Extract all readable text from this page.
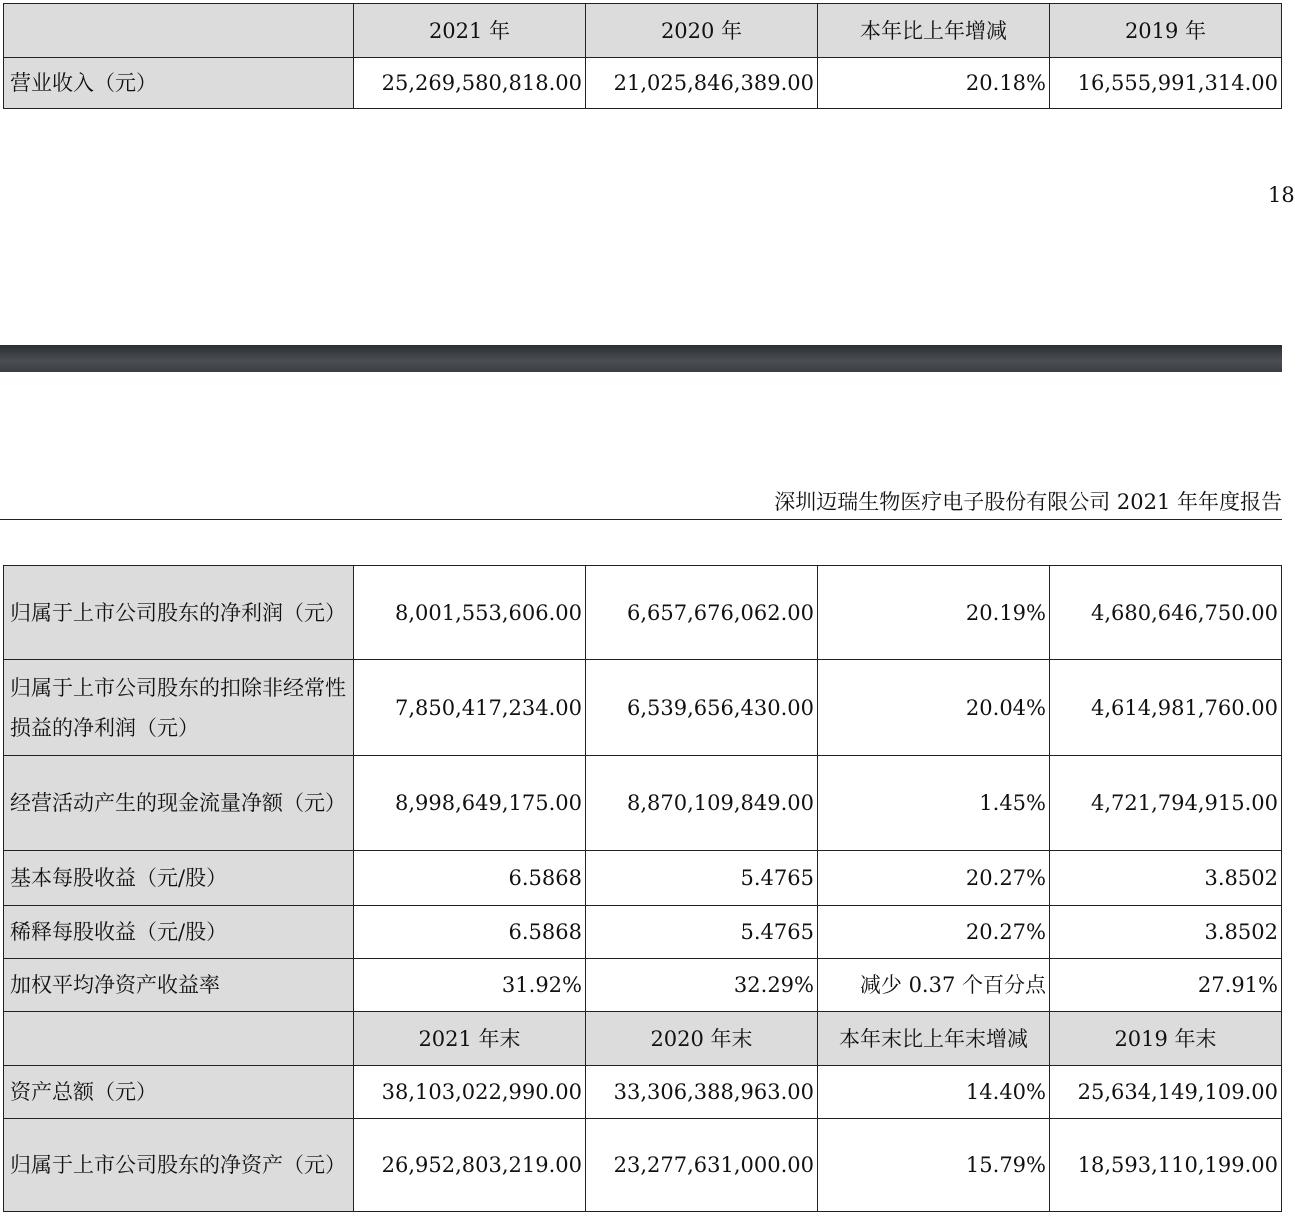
	2021 年	2020 年	本年比上年增减	2019 年
营业收入（元）	25,269,580,818.00	21,025,846,389.00	20.18%	16,555,991,314.00
18
深圳迈瑞生物医疗电子股份有限公司 2021 年年度报告
归属于上市公司股东的净利润（元）	8,001,553,606.00	6,657,676,062.00	20.19%	4,680,646,750.00
归属于上市公司股东的扣除非经常性损益的净利润（元）	7,850,417,234.00	6,539,656,430.00	20.04%	4,614,981,760.00
经营活动产生的现金流量净额（元）	8,998,649,175.00	8,870,109,849.00	1.45%	4,721,794,915.00
基本每股收益（元/股）	6.5868	5.4765	20.27%	3.8502
稀释每股收益（元/股）	6.5868	5.4765	20.27%	3.8502
加权平均净资产收益率	31.92%	32.29%	减少 0.37 个百分点	27.91%
	2021 年末	2020 年末	本年末比上年末增减	2019 年末
资产总额（元）	38,103,022,990.00	33,306,388,963.00	14.40%	25,634,149,109.00
归属于上市公司股东的净资产（元）	26,952,803,219.00	23,277,631,000.00	15.79%	18,593,110,199.00
